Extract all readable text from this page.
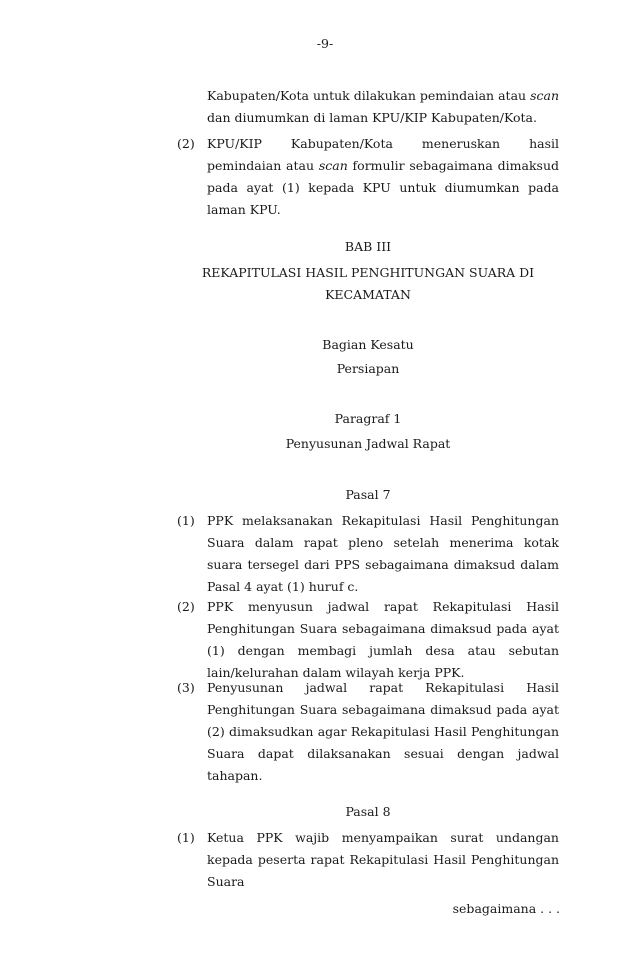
-9-
Kabupaten/Kota untuk dilakukan pemindaian atau scan dan diumumkan di laman KPU/KIP Kabupaten/Kota.
(2) KPU/KIP Kabupaten/Kota meneruskan hasil pemindaian atau scan formulir sebagaimana dimaksud pada ayat (1) kepada KPU untuk diumumkan pada laman KPU.
BAB III
REKAPITULASI HASIL PENGHITUNGAN SUARA DI
KECAMATAN
Bagian Kesatu
Persiapan
Paragraf 1
Penyusunan Jadwal Rapat
Pasal 7
(1) PPK melaksanakan Rekapitulasi Hasil Penghitungan Suara dalam rapat pleno setelah menerima kotak suara tersegel dari PPS sebagaimana dimaksud dalam Pasal 4 ayat (1) huruf c.
(2) PPK menyusun jadwal rapat Rekapitulasi Hasil Penghitungan Suara sebagaimana dimaksud pada ayat (1) dengan membagi jumlah desa atau sebutan lain/kelurahan dalam wilayah kerja PPK.
(3) Penyusunan jadwal rapat Rekapitulasi Hasil Penghitungan Suara sebagaimana dimaksud pada ayat (2) dimaksudkan agar Rekapitulasi Hasil Penghitungan Suara dapat dilaksanakan sesuai dengan jadwal tahapan.
Pasal 8
(1) Ketua PPK wajib menyampaikan surat undangan kepada peserta rapat Rekapitulasi Hasil Penghitungan Suara
sebagaimana . . .
